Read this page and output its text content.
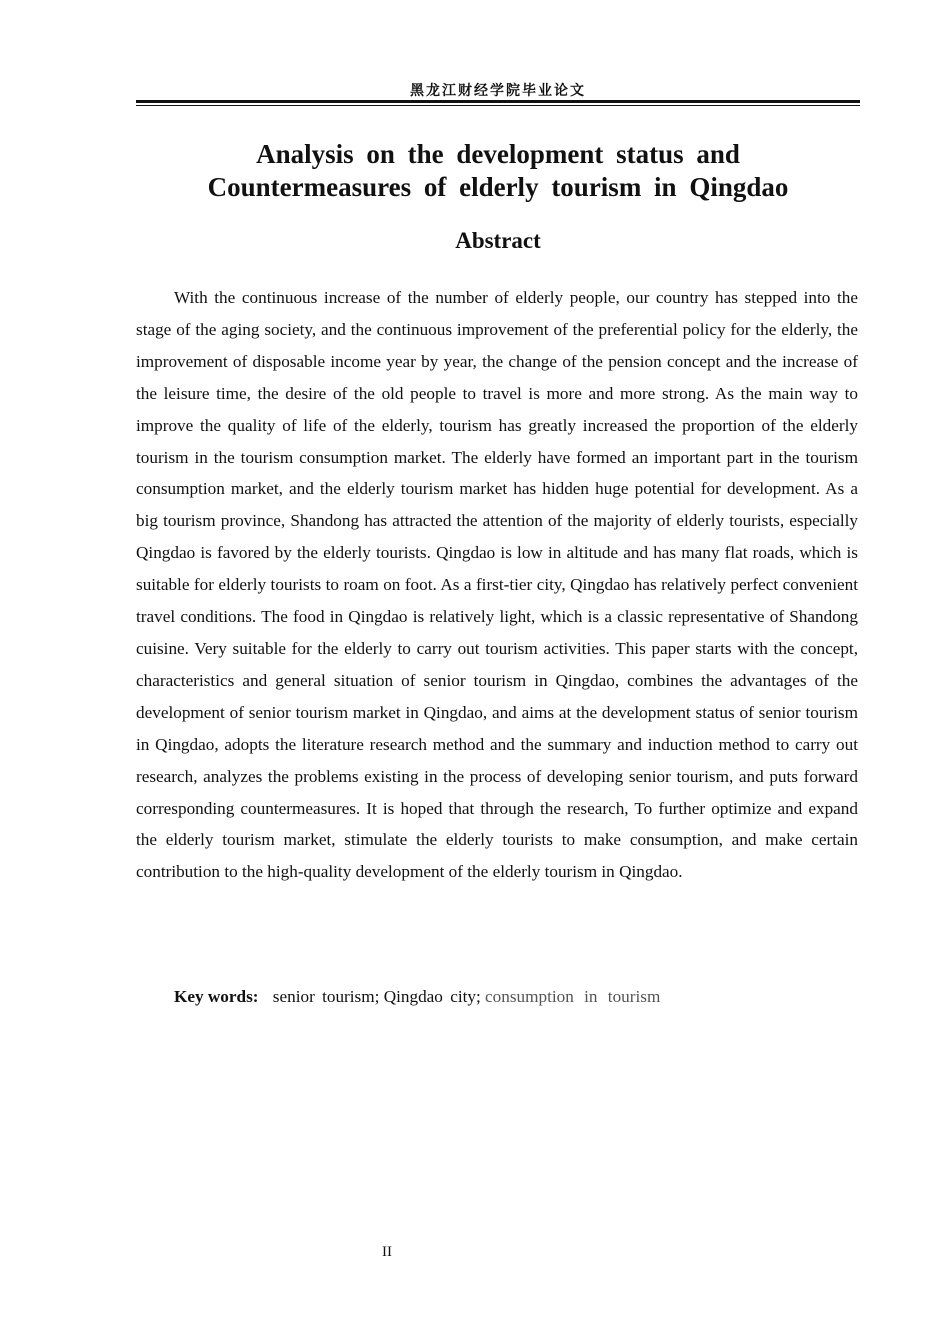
黑龙江财经学院毕业论文
Analysis on the development status and
Countermeasures of elderly tourism in Qingdao
Abstract

With the continuous increase of the number of elderly people, our country has stepped into the stage of the aging society, and the continuous improvement of the preferential policy for the elderly, the improvement of disposable income year by year, the change of the pension concept and the increase of the leisure time, the desire of the old people to travel is more and more strong. As the main way to improve the quality of life of the elderly, tourism has greatly increased the proportion of the elderly tourism in the tourism consumption market. The elderly have formed an important part in the tourism consumption market, and the elderly tourism market has hidden huge potential for development. As a big tourism province, Shandong has attracted the attention of the majority of elderly tourists, especially Qingdao is favored by the elderly tourists. Qingdao is low in altitude and has many flat roads, which is suitable for elderly tourists to roam on foot. As a first-tier city, Qingdao has relatively perfect convenient travel conditions. The food in Qingdao is relatively light, which is a classic representative of Shandong cuisine. Very suitable for the elderly to carry out tourism activities. This paper starts with the concept, characteristics and general situation of senior tourism in Qingdao, combines the advantages of the development of senior tourism market in Qingdao, and aims at the development status of senior tourism in Qingdao, adopts the literature research method and the summary and induction method to carry out research, analyzes the problems existing in the process of developing senior tourism, and puts forward corresponding countermeasures. It is hoped that through the research, To further optimize and expand the elderly tourism market, stimulate the elderly tourists to make consumption, and make certain contribution to the high-quality development of the elderly tourism in Qingdao.

Key words: senior tourism; Qingdao city; consumption in tourism
II
